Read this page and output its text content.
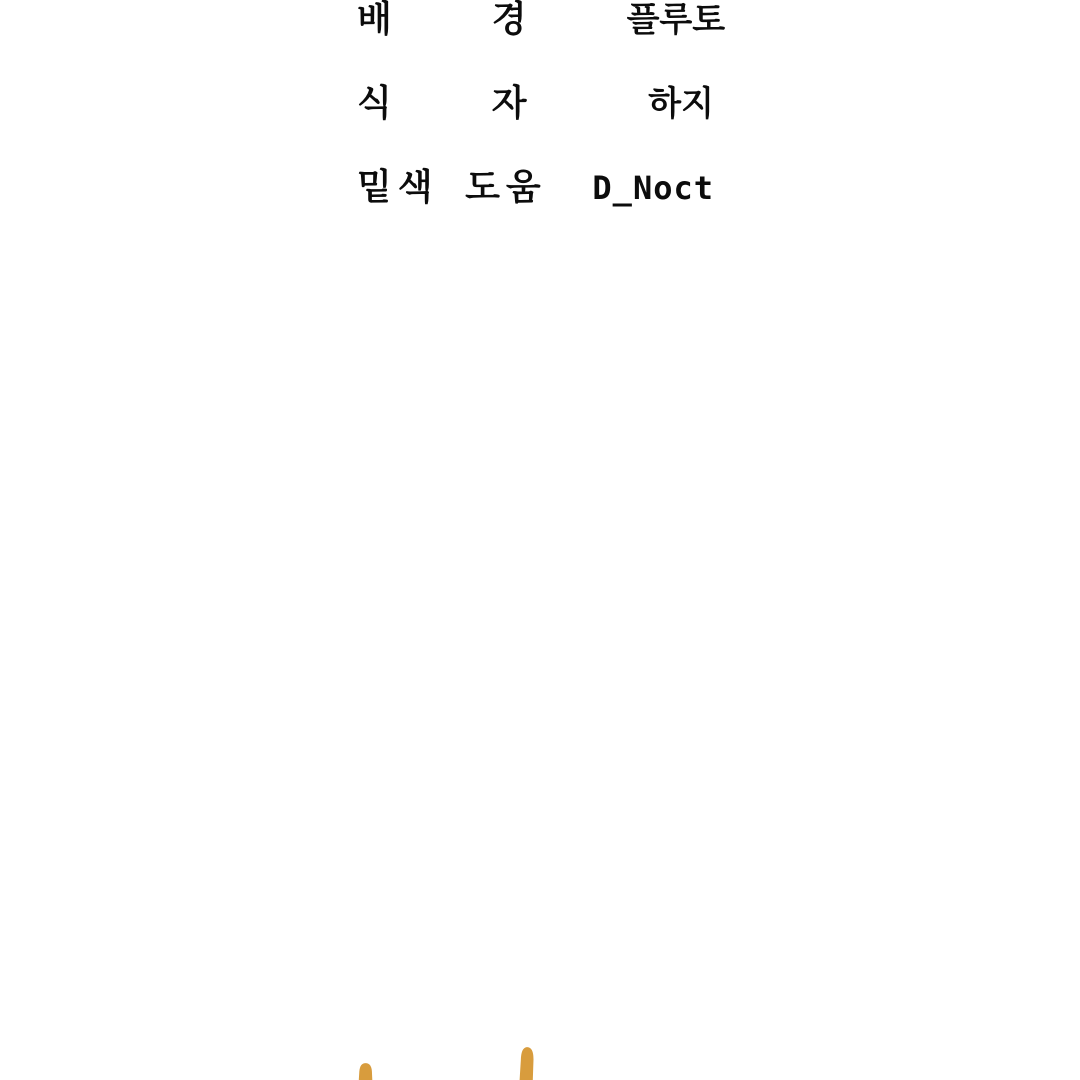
배경 플루토
식자 하지
밑색 도움 D_Noct
